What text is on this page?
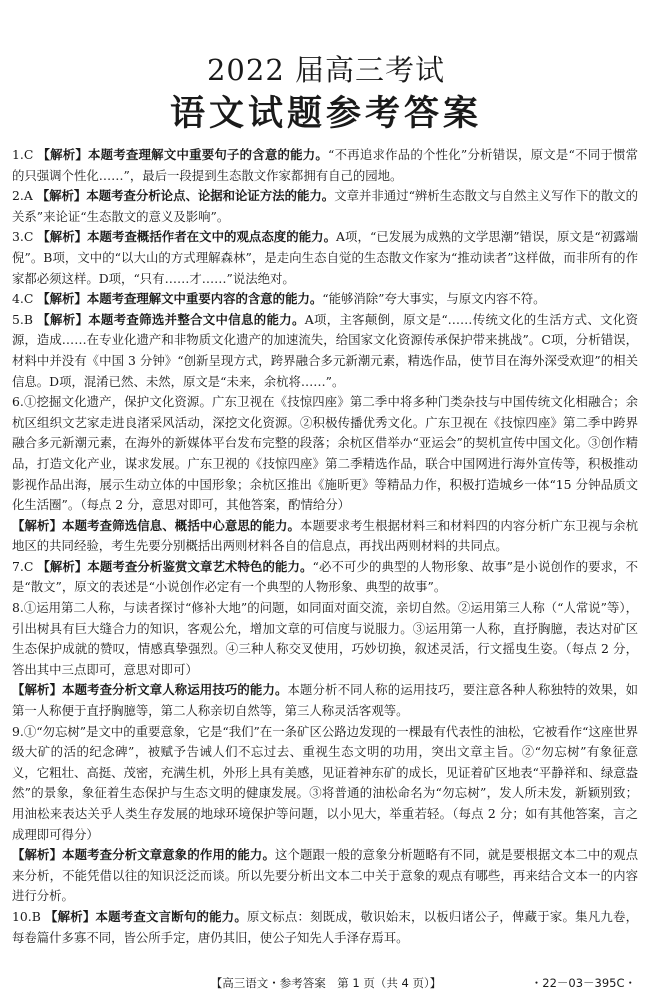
2022 届高三考试
语文试题参考答案

1.C 【解析】本题考查理解文中重要句子的含意的能力。“不再追求作品的个性化”分析错误，原文是“不同于惯常的只强调个性化……”，最后一段提到生态散文作家都拥有自己的园地。

2.A 【解析】本题考查分析论点、论据和论证方法的能力。文章并非通过“辨析生态散文与自然主义写作下的散文的关系”来论证“生态散文的意义及影响”。

3.C 【解析】本题考查概括作者在文中的观点态度的能力。A项，“已发展为成熟的文学思潮”错误，原文是“初露端倪”。B项，文中的“以大山的方式理解森林”，是走向生态自觉的生态散文作家为“推动读者”这样做，而非所有的作家都必须这样。D项，“只有……才……”说法绝对。

4.C 【解析】本题考查理解文中重要内容的含意的能力。“能够消除”夸大事实，与原文内容不符。

5.B 【解析】本题考查筛选并整合文中信息的能力。A项，主客颠倒，原文是“……传统文化的生活方式、文化资源，造成……在专业化遗产和非物质文化遗产的加速流失，给国家文化资源传承保护带来挑战”。C项，分析错误，材料中并没有《中国 3 分钟》“创新呈现方式，跨界融合多元新潮元素，精选作品，使节目在海外深受欢迎”的相关信息。D项，混淆已然、未然，原文是“未来，余杭将……”。

6.①挖掘文化遗产，保护文化资源。广东卫视在《技惊四座》第二季中将多种门类杂技与中国传统文化相融合；余杭区组织文艺家走进良渚采风活动，深挖文化资源。②积极传播优秀文化。广东卫视在《技惊四座》第二季中跨界融合多元新潮元素，在海外的新媒体平台发布完整的段落；余杭区借举办“亚运会”的契机宣传中国文化。③创作精品，打造文化产业，谋求发展。广东卫视的《技惊四座》第二季精选作品，联合中国网进行海外宣传等，积极推动影视作品出海，展示生动立体的中国形象；余杭区推出《施昕更》等精品力作，积极打造城乡一体“15 分钟品质文化生活圈”。（每点 2 分，意思对即可，其他答案，酌情给分）

【解析】本题考查筛选信息、概括中心意思的能力。本题要求考生根据材料三和材料四的内容分析广东卫视与余杭地区的共同经验，考生先要分别概括出两则材料各自的信息点，再找出两则材料的共同点。

7.C 【解析】本题考查分析鉴赏文章艺术特色的能力。“必不可少的典型的人物形象、故事”是小说创作的要求，不是“散文”，原文的表述是“小说创作必定有一个典型的人物形象、典型的故事”。

8.①运用第二人称，与读者探讨“修补大地”的问题，如同面对面交流，亲切自然。②运用第三人称（“人常说”等），引出树具有巨大缝合力的知识，客观公允，增加文章的可信度与说服力。③运用第一人称，直抒胸臆，表达对矿区生态保护成就的赞叹，情感真挚强烈。④三种人称交叉使用，巧妙切换，叙述灵活，行文摇曳生姿。（每点 2 分，答出其中三点即可，意思对即可）

【解析】本题考查分析文章人称运用技巧的能力。本题分析不同人称的运用技巧，要注意各种人称独特的效果，如第一人称便于直抒胸臆等，第二人称亲切自然等，第三人称灵活客观等。

9.①“勿忘树”是文中的重要意象，它是“我们”在一条矿区公路边发现的一棵最有代表性的油松，它被看作“这座世界级大矿的活的纪念碑”，被赋予告诫人们不忘过去、重视生态文明的功用，突出文章主旨。②“勿忘树”有象征意义，它粗壮、高挺、茂密，充满生机，外形上具有美感，见证着神东矿的成长，见证着矿区地表“平静祥和、绿意盎然”的景象，象征着生态保护与生态文明的健康发展。③将普通的油松命名为“勿忘树”，发人所未发，新颖别致；用油松来表达关乎人类生存发展的地球环境保护等问题，以小见大，举重若轻。（每点 2 分；如有其他答案，言之成理即可得分）

【解析】本题考查分析文章意象的作用的能力。这个题跟一般的意象分析题略有不同，就是要根据文本二中的观点来分析，不能凭借以往的知识泛泛而谈。所以先要分析出文本二中关于意象的观点有哪些，再来结合文本一的内容进行分析。

10.B 【解析】本题考查文言断句的能力。原文标点：刻既成，敬识始末，以板归诸公子，俾藏于家。集凡九卷，每卷篇什多寡不同，皆公所手定，唐仍其旧，使公子知先人手泽存焉耳。

【高三语文・参考答案　第 1 页（共 4 页）】	・22－03－395C・
